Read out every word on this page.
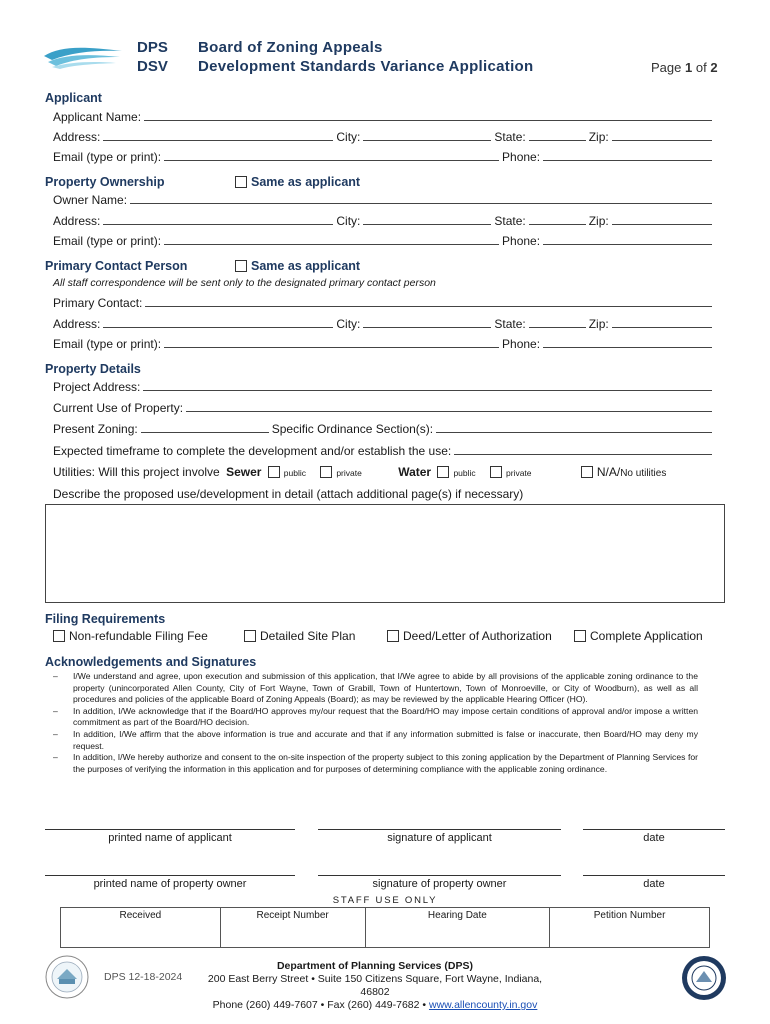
DPS
DSV
Board of Zoning Appeals
Development Standards Variance Application	Page 1 of 2
Applicant
Applicant Name:
Address:	City:	State:	Zip:
Email (type or print):	Phone:
Property Ownership	Same as applicant
Owner Name:
Address:	City:	State:	Zip:
Email (type or print):	Phone:
Primary Contact Person	Same as applicant
All staff correspondence will be sent only to the designated primary contact person
Primary Contact:
Address:	City:	State:	Zip:
Email (type or print):	Phone:
Property Details
Project Address:
Current Use of Property:
Present Zoning:	Specific Ordinance Section(s):
Expected timeframe to complete the development and/or establish the use:
Utilities: Will this project involve Sewer	public	private	Water	public	private	N/A/No utilities
Describe the proposed use/development in detail (attach additional page(s) if necessary)
Filing Requirements
Non-refundable Filing Fee	Detailed Site Plan	Deed/Letter of Authorization	Complete Application
Acknowledgements and Signatures
–	I/We understand and agree, upon execution and submission of this application, that I/We agree to abide by all provisions of the applicable zoning ordinance to the property (unincorporated Allen County, City of Fort Wayne, Town of Grabill, Town of Huntertown, Town of Monroeville, or City of Woodburn), as well as all procedures and policies of the applicable Board of Zoning Appeals (Board); as may be reviewed by the applicable Hearing Officer (HO).
–	In addition, I/We acknowledge that if the Board/HO approves my/our request that the Board/HO may impose certain conditions of approval and/or impose a written commitment as part of the Board/HO decision.
–	In addition, I/We affirm that the above information is true and accurate and that if any information submitted is false or inaccurate, then Board/HO may deny my request.
–	In addition, I/We hereby authorize and consent to the on-site inspection of the property subject to this zoning application by the Department of Planning Services for the purposes of verifying the information in this application and for purposes of determining compliance with the applicable zoning ordinance.
printed name of applicant	signature of applicant	date
printed name of property owner	signature of property owner	date
STAFF USE ONLY
Received	Receipt Number	Hearing Date	Petition Number
DPS 12-18-2024
Department of Planning Services (DPS)
200 East Berry Street • Suite 150 Citizens Square, Fort Wayne, Indiana, 46802
Phone (260) 449-7607 • Fax (260) 449-7682 • www.allencounty.in.gov
